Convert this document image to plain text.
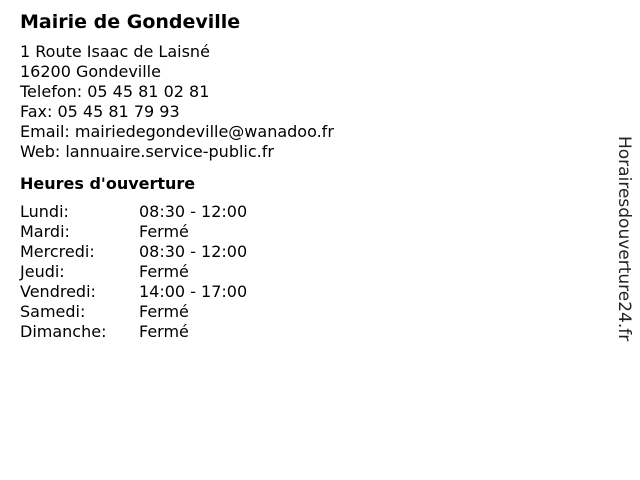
Mairie de Gondeville
1 Route Isaac de Laisné
16200 Gondeville
Telefon: 05 45 81 02 81
Fax: 05 45 81 79 93
Email: mairiedegondeville@wanadoo.fr
Web: lannuaire.service-public.fr
Heures d'ouverture
Lundi:	08:30 - 12:00
Mardi:	Fermé
Mercredi:	08:30 - 12:00
Jeudi:	Fermé
Vendredi:	14:00 - 17:00
Samedi:	Fermé
Dimanche:	Fermé	Horairesdouverture24.fr
